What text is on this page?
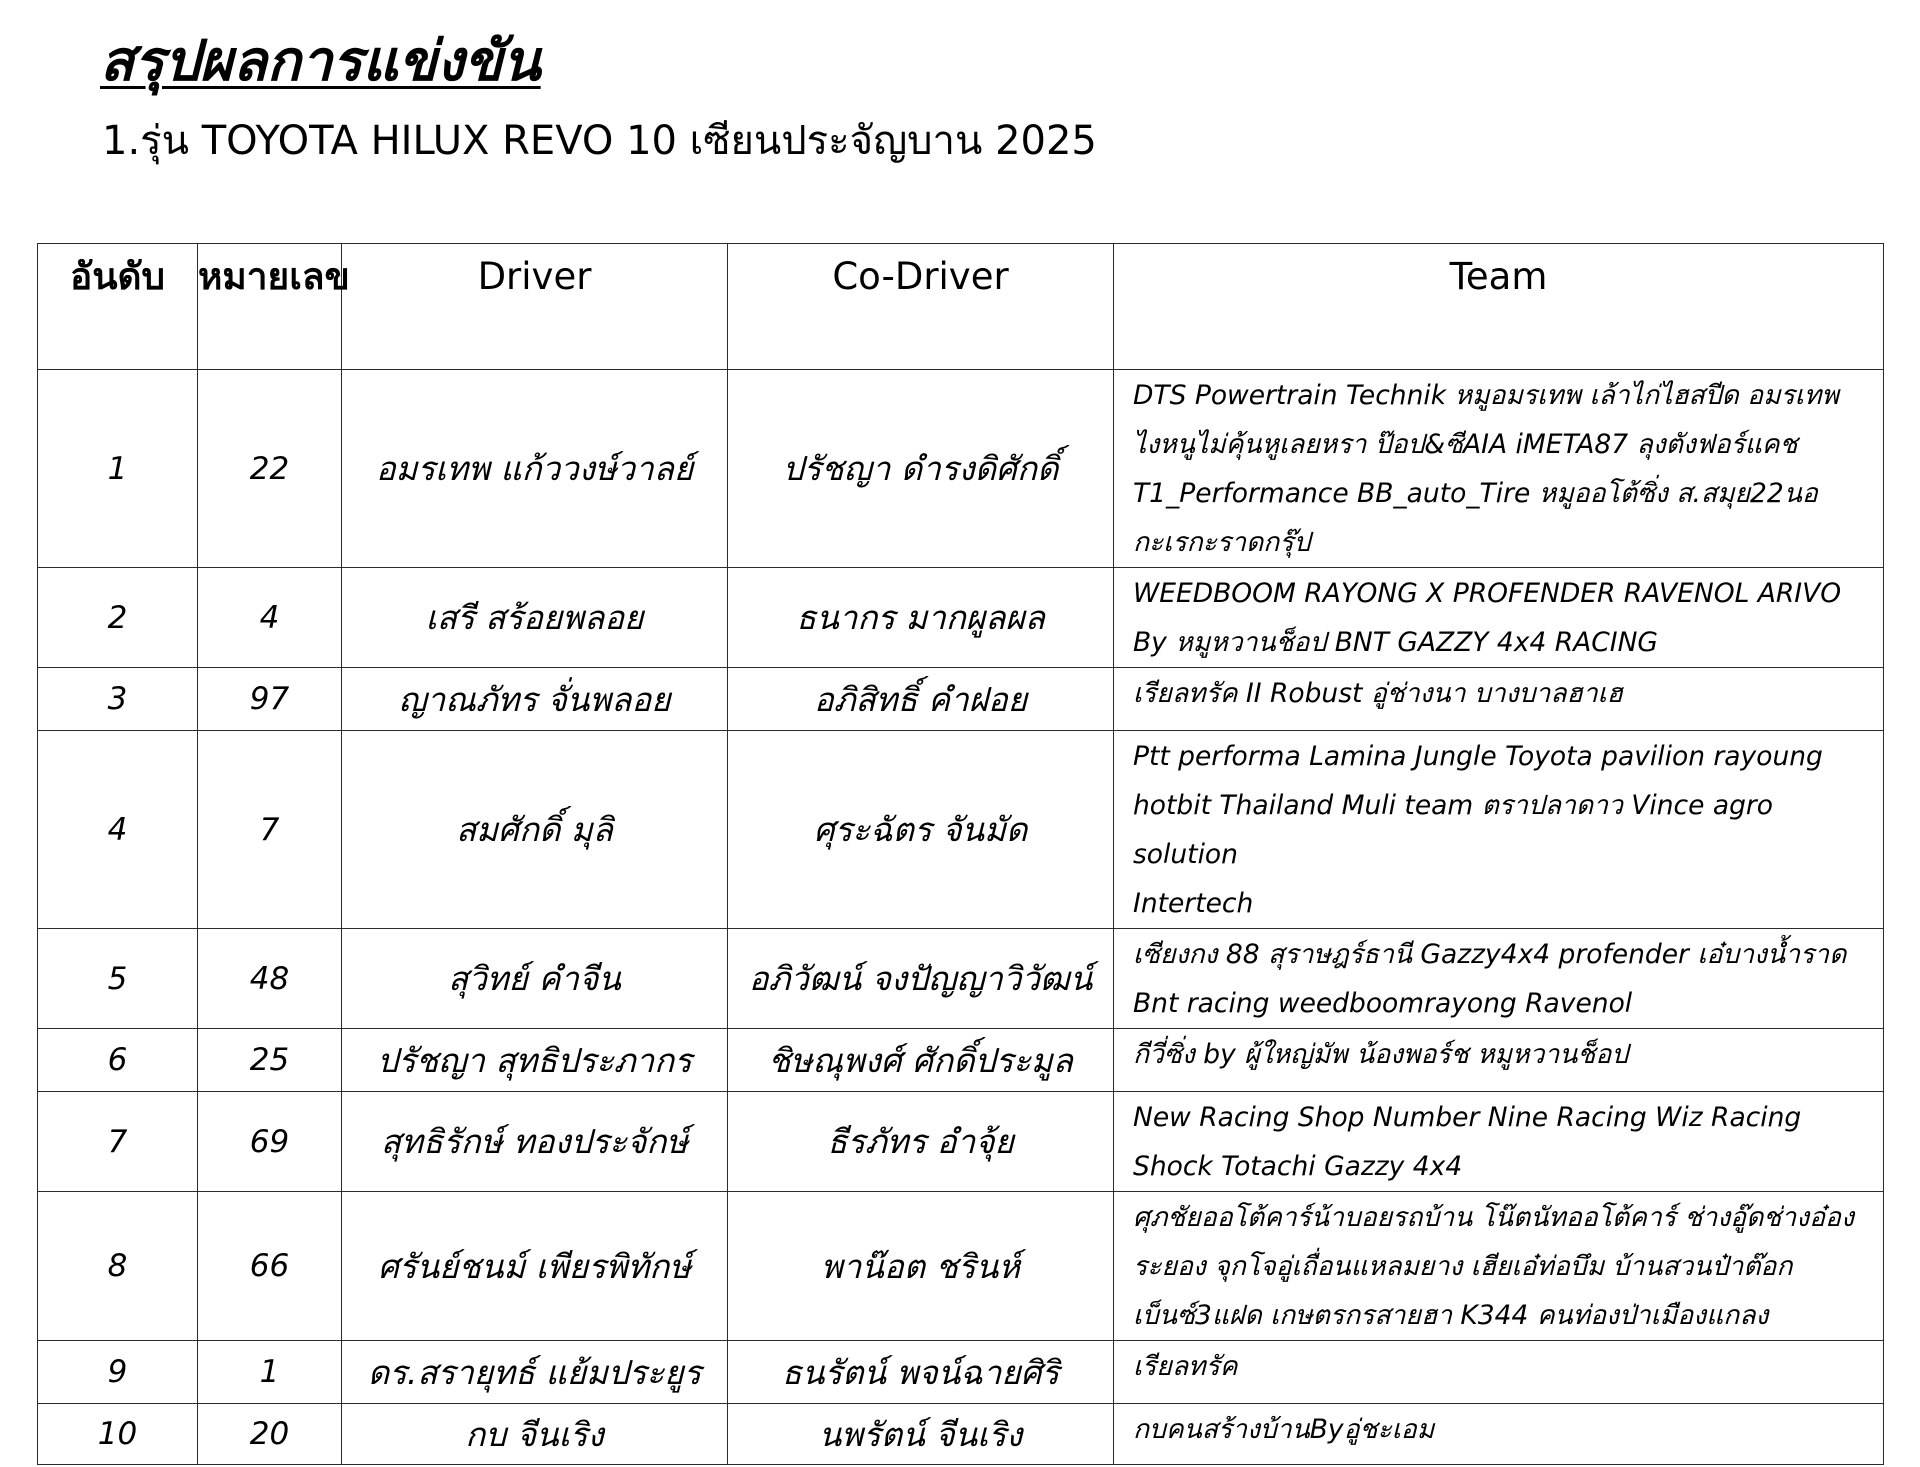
สรุปผลการแข่งขัน
1.รุ่น TOYOTA HILUX REVO 10 เซียนประจัญบาน 2025
อันดับ	หมายเลข	Driver	Co-Driver	Team
1	22	อมรเทพ แก้ววงษ์วาลย์	ปรัชญา ดำรงดิศักดิ์	DTS Powertrain Technik หมูอมรเทพ เล้าไก่ไฮสปีด อมรเทพ
ไงหนูไม่คุ้นหูเลยหรา ป๊อป&ซีAIA iMETA87 ลุงตังฟอร์แคช
T1_Performance BB_auto_Tire หมูออโต้ซิ่ง ส.สมุย22นอ
กะเรกะราดกรุ๊ป
2	4	เสรี สร้อยพลอย	ธนากร มากผูลผล	WEEDBOOM RAYONG X PROFENDER RAVENOL ARIVO
By หมูหวานช็อป BNT GAZZY 4x4 RACING
3	97	ญาณภัทร จั่นพลอย	อภิสิทธิ์ คำฝอย	เรียลทรัค II Robust อู่ช่างนา บางบาลฮาเฮ
4	7	สมศักดิ์ มุลิ	ศุระฉัตร จันมัด	Ptt performa Lamina Jungle Toyota pavilion rayoung
hotbit Thailand Muli team ตราปลาดาว Vince agro solution
Intertech
5	48	สุวิทย์ คำจีน	อภิวัฒน์ จงปัญญาวิวัฒน์	เซียงกง 88 สุราษฎร์ธานี Gazzy4x4 profender เอ๋บางน้ำราด
Bnt racing weedboomrayong Ravenol
6	25	ปรัชญา สุทธิประภากร	ชิษณุพงศ์ ศักดิ์ประมูล	กีวี่ซิ่ง by ผู้ใหญ่มัพ น้องพอร์ช หมูหวานช็อป
7	69	สุทธิรักษ์ ทองประจักษ์	ธีรภัทร อำจุ้ย	New Racing Shop Number Nine Racing Wiz Racing
Shock Totachi Gazzy 4x4
8	66	ศรันย์ชนม์ เพียรพิทักษ์	พาน๊อต ชรินห์	ศุภชัยออโต้คาร์น้าบอยรถบ้าน โน๊ตนัทออโต้คาร์ ช่างอู๊ดช่างอ๋อง
ระยอง จุกโจอู่เถื่อนแหลมยาง เฮียเอ๋ท่อบึม บ้านสวนป๋าต๊อก
เบ็นซ์3แฝด เกษตรกรสายฮา K344 คนท่องป่าเมืองแกลง
9	1	ดร.สรายุทธ์ แย้มประยูร	ธนรัตน์ พจน์ฉายศิริ	เรียลทรัค
10	20	กบ จีนเริง	นพรัตน์ จีนเริง	กบคนสร้างบ้านByอู่ชะเอม
